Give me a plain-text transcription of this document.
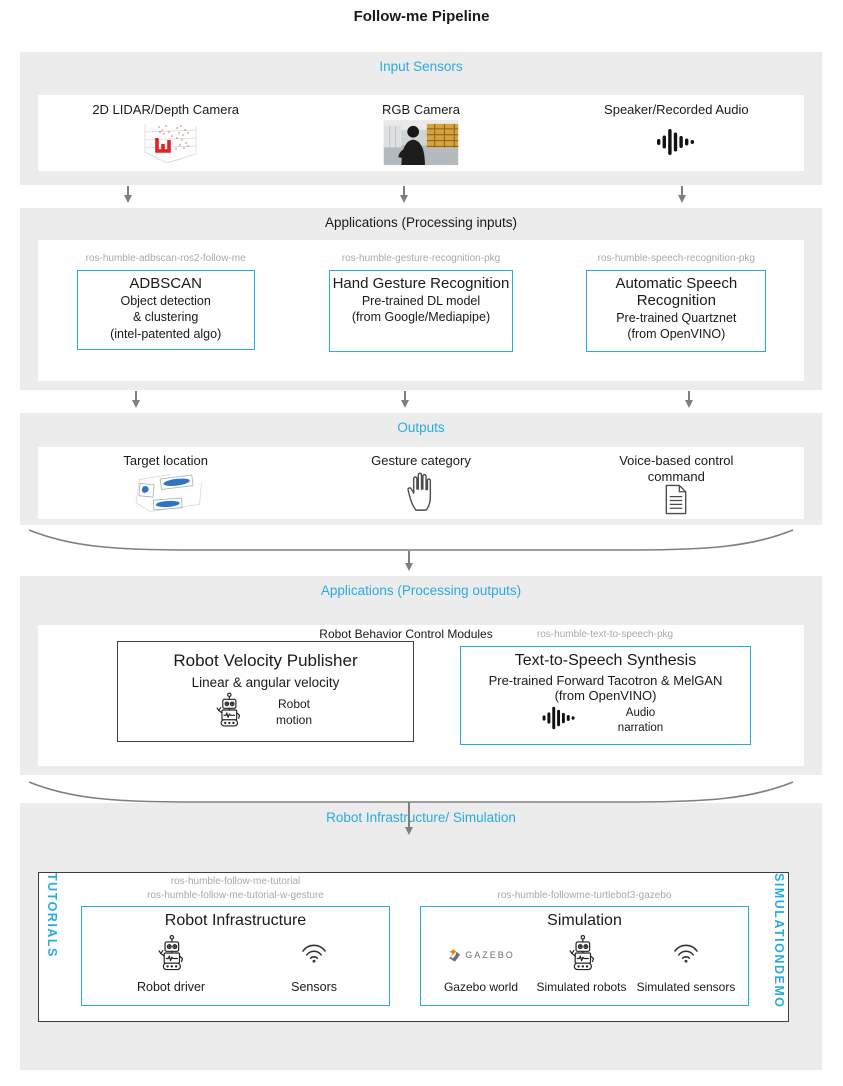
Follow-me Pipeline
Input Sensors
2D LIDAR/Depth Camera	RGB Camera	Speaker/Recorded Audio
Applications (Processing inputs)
ros-humble-adbscan-ros2-follow-me
ADBSCAN
Object detection
& clustering
(intel-patented algo)
ros-humble-gesture-recognition-pkg
Hand Gesture Recognition
Pre-trained DL model
(from Google/Mediapipe)
ros-humble-speech-recognition-pkg
Automatic Speech Recognition
Pre-trained Quartznet
(from OpenVINO)
Outputs
Target location	Gesture category	Voice-based control command
Applications (Processing outputs)
Robot Behavior Control Modules	ros-humble-text-to-speech-pkg
Robot Velocity Publisher
Linear & angular velocity
Robot motion
Text-to-Speech Synthesis
Pre-trained Forward Tacotron & MelGAN
(from OpenVINO)
Audio narration
Robot Infrastructure/ Simulation
TUTORIALS	SIMULATION
DEMO
ros-humble-follow-me-tutorial
ros-humble-follow-me-tutorial-w-gesture	ros-humble-followme-turtlebot3-gazebo
Robot Infrastructure
Robot driver	Sensors
Simulation
GAZEBO
Gazebo world Simulated robots Simulated sensors
